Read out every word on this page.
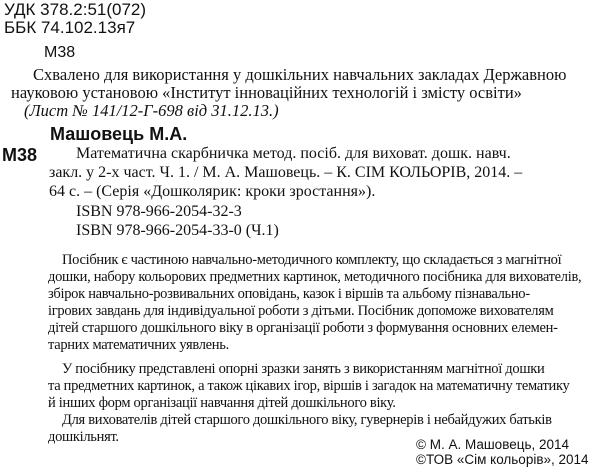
УДК 378.2:51(072)
ББК 74.102.13я7
М38
Схвалено для використання у дошкільних навчальних закладах Державною
науковою установою «Інститут інноваційних технологій і змісту освіти»
(Лист № 141/12-Г-698 від 31.12.13.)
Машовець М.А.
М38 Математична скарбничка метод. посіб. для виховат. дошк. навч.
закл. у 2-х част. Ч. 1. / М. А. Машовець. – К. СІМ КОЛЬОРІВ, 2014. –
64 с. – (Серія «Дошколярик: кроки зростання»).
ISBN 978-966-2054-32-3
ISBN 978-966-2054-33-0 (Ч.1)
Посібник є частиною навчально-методичного комплекту, що складається з магнітної
дошки, набору кольорових предметних картинок, методичного посібника для вихователів,
збірок навчально-розвивальних оповідань, казок і віршів та альбому пізнавально-
ігрових завдань для індивідуальної роботи з дітьми. Посібник допоможе вихователям
дітей старшого дошкільного віку в організації роботи з формування основних елемен-
тарних математичних уявлень.
У посібнику представлені опорні зразки занять з використанням магнітної дошки
та предметних картинок, а також цікавих ігор, віршів і загадок на математичну тематику
й інших форм організації навчання дітей дошкільного віку.
Для вихователів дітей старшого дошкільного віку, гувернерів і небайдужих батьків
дошкільнят.	© М. А. Машовець, 2014
©ТОВ «Сім кольорів», 2014
